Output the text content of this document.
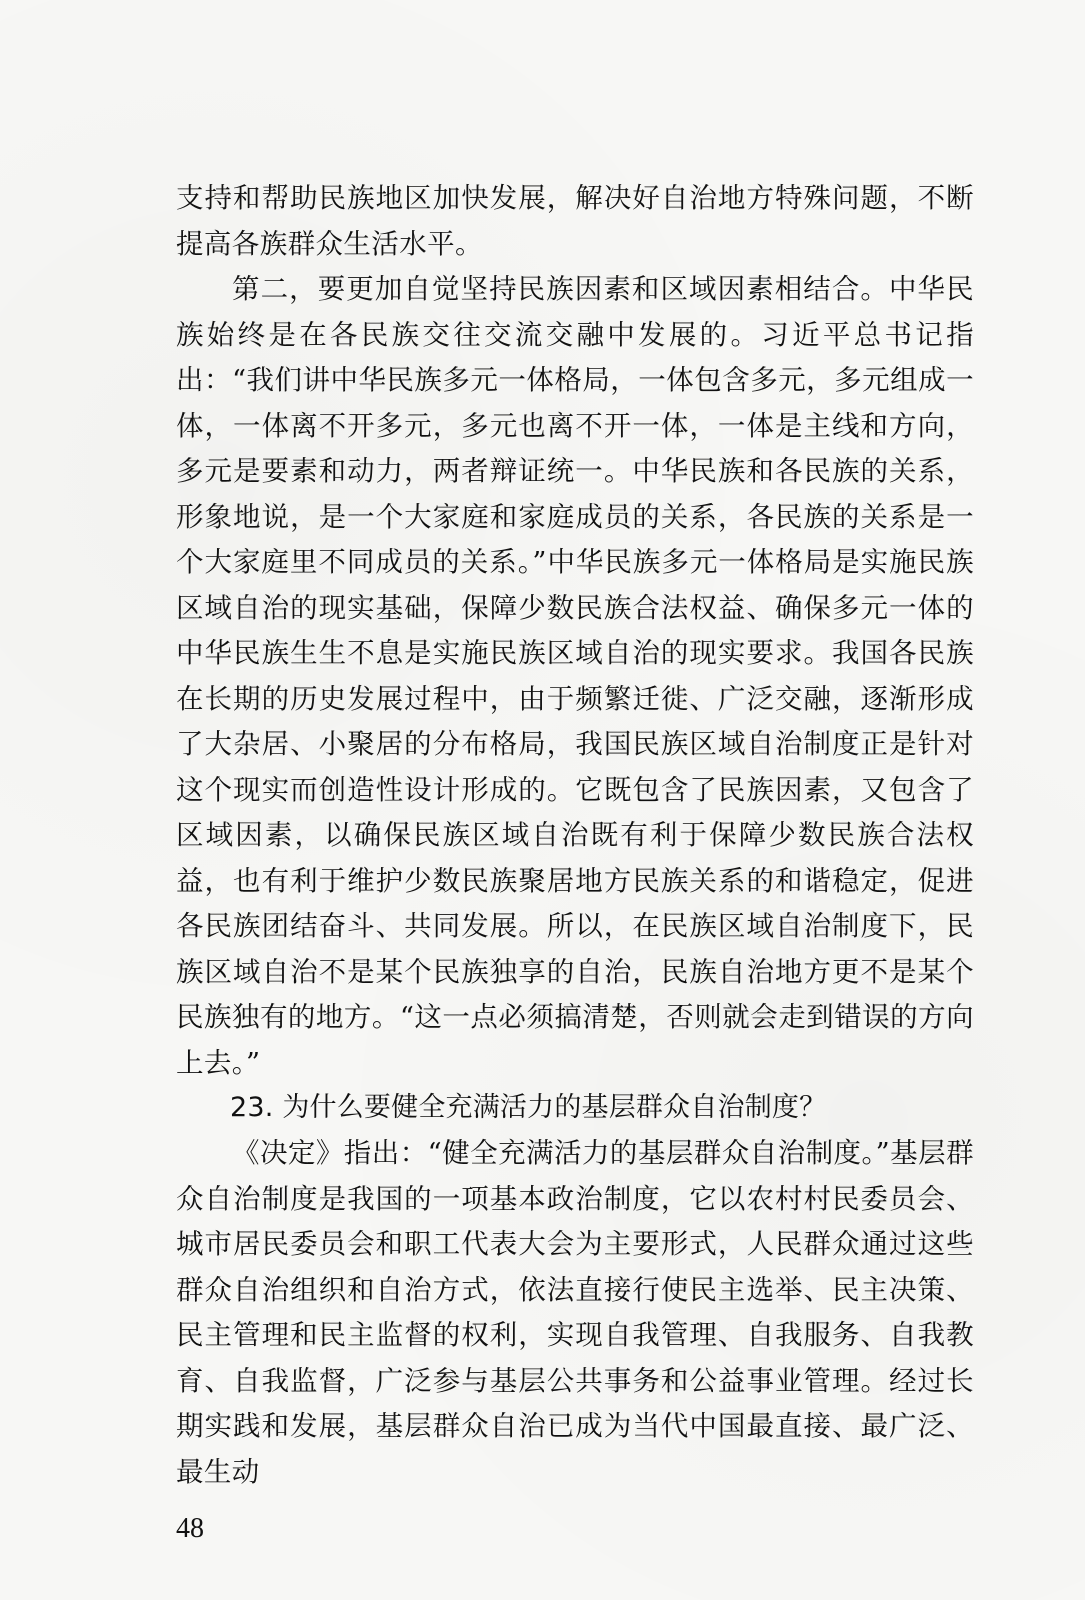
支持和帮助民族地区加快发展，解决好自治地方特殊问题，不断提高各族群众生活水平。

第二，要更加自觉坚持民族因素和区域因素相结合。中华民族始终是在各民族交往交流交融中发展的。习近平总书记指出：“我们讲中华民族多元一体格局，一体包含多元，多元组成一体，一体离不开多元，多元也离不开一体，一体是主线和方向，多元是要素和动力，两者辩证统一。中华民族和各民族的关系，形象地说，是一个大家庭和家庭成员的关系，各民族的关系是一个大家庭里不同成员的关系。”中华民族多元一体格局是实施民族区域自治的现实基础，保障少数民族合法权益、确保多元一体的中华民族生生不息是实施民族区域自治的现实要求。我国各民族在长期的历史发展过程中，由于频繁迁徙、广泛交融，逐渐形成了大杂居、小聚居的分布格局，我国民族区域自治制度正是针对这个现实而创造性设计形成的。它既包含了民族因素，又包含了区域因素，以确保民族区域自治既有利于保障少数民族合法权益，也有利于维护少数民族聚居地方民族关系的和谐稳定，促进各民族团结奋斗、共同发展。所以，在民族区域自治制度下，民族区域自治不是某个民族独享的自治，民族自治地方更不是某个民族独有的地方。“这一点必须搞清楚，否则就会走到错误的方向上去。”

23. 为什么要健全充满活力的基层群众自治制度？

《决定》指出：“健全充满活力的基层群众自治制度。”基层群众自治制度是我国的一项基本政治制度，它以农村村民委员会、城市居民委员会和职工代表大会为主要形式，人民群众通过这些群众自治组织和自治方式，依法直接行使民主选举、民主决策、民主管理和民主监督的权利，实现自我管理、自我服务、自我教育、自我监督，广泛参与基层公共事务和公益事业管理。经过长期实践和发展，基层群众自治已成为当代中国最直接、最广泛、最生动

48
